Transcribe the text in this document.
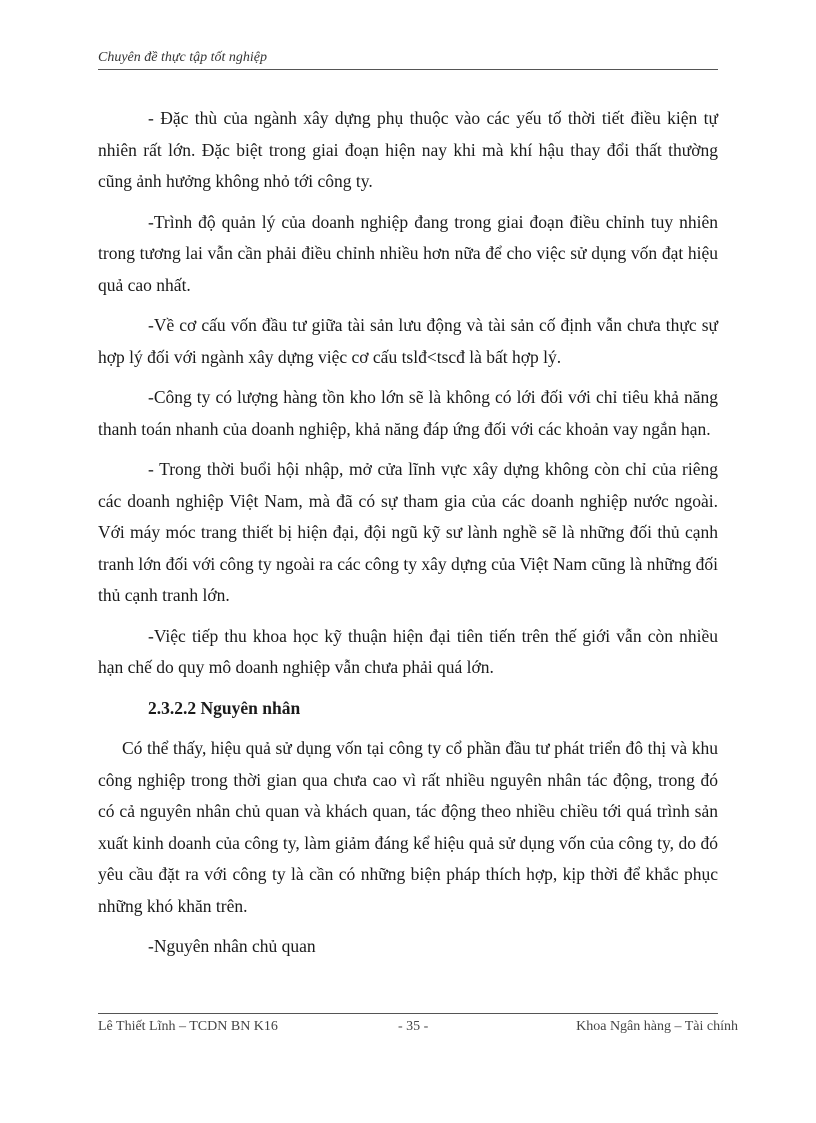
Chuyên đề thực tập tốt nghiệp

- Đặc thù của ngành xây dựng phụ thuộc vào các yếu tố thời tiết điều kiện tự nhiên rất lớn. Đặc biệt trong giai đoạn hiện nay khi mà khí hậu thay đổi thất thường cũng ảnh hưởng không nhỏ tới công ty.

-Trình độ quản lý của doanh nghiệp đang trong giai đoạn điều chỉnh tuy nhiên trong tương lai vẫn cần phải điều chỉnh nhiều hơn nữa để cho việc sử dụng vốn đạt hiệu quả cao nhất.

-Về cơ cấu vốn đầu tư giữa tài sản lưu động và tài sản cố định vẫn chưa thực sự hợp lý đối với ngành xây dựng việc cơ cấu tslđ<tscđ là bất hợp lý.

-Công ty có lượng hàng tồn kho lớn sẽ là không có lới đối với chỉ tiêu khả năng thanh toán nhanh của doanh nghiệp, khả năng đáp ứng đối với các khoản vay ngắn hạn.

- Trong thời buổi hội nhập, mở cửa lĩnh vực xây dựng không còn chỉ của riêng các doanh nghiệp Việt Nam, mà đã có sự tham gia của các doanh nghiệp nước ngoài. Với máy móc trang thiết bị hiện đại, đội ngũ kỹ sư lành nghề sẽ là những đối thủ cạnh tranh lớn đối với công ty ngoài ra các công ty xây dựng của Việt Nam cũng là những đối thủ cạnh tranh lớn.

-Việc tiếp thu khoa học kỹ thuận hiện đại tiên tiến trên thế giới vẫn còn nhiều hạn chế do quy mô doanh nghiệp vẫn chưa phải quá lớn.

2.3.2.2 Nguyên nhân

Có thể thấy, hiệu quả sử dụng vốn tại công ty cổ phần đầu tư phát triển đô thị và khu công nghiệp trong thời gian qua chưa cao vì rất nhiều nguyên nhân tác động, trong đó có cả nguyên nhân chủ quan và khách quan, tác động theo nhiều chiều tới quá trình sản xuất kinh doanh của công ty, làm giảm đáng kể hiệu quả sử dụng vốn của công ty, do đó yêu cầu đặt ra với công ty là cần có những biện pháp thích hợp, kịp thời để khắc phục những khó khăn trên.

-Nguyên nhân chủ quan

Lê Thiết Lĩnh – TCDN BN K16	- 35 -	Khoa Ngân hàng – Tài chính
